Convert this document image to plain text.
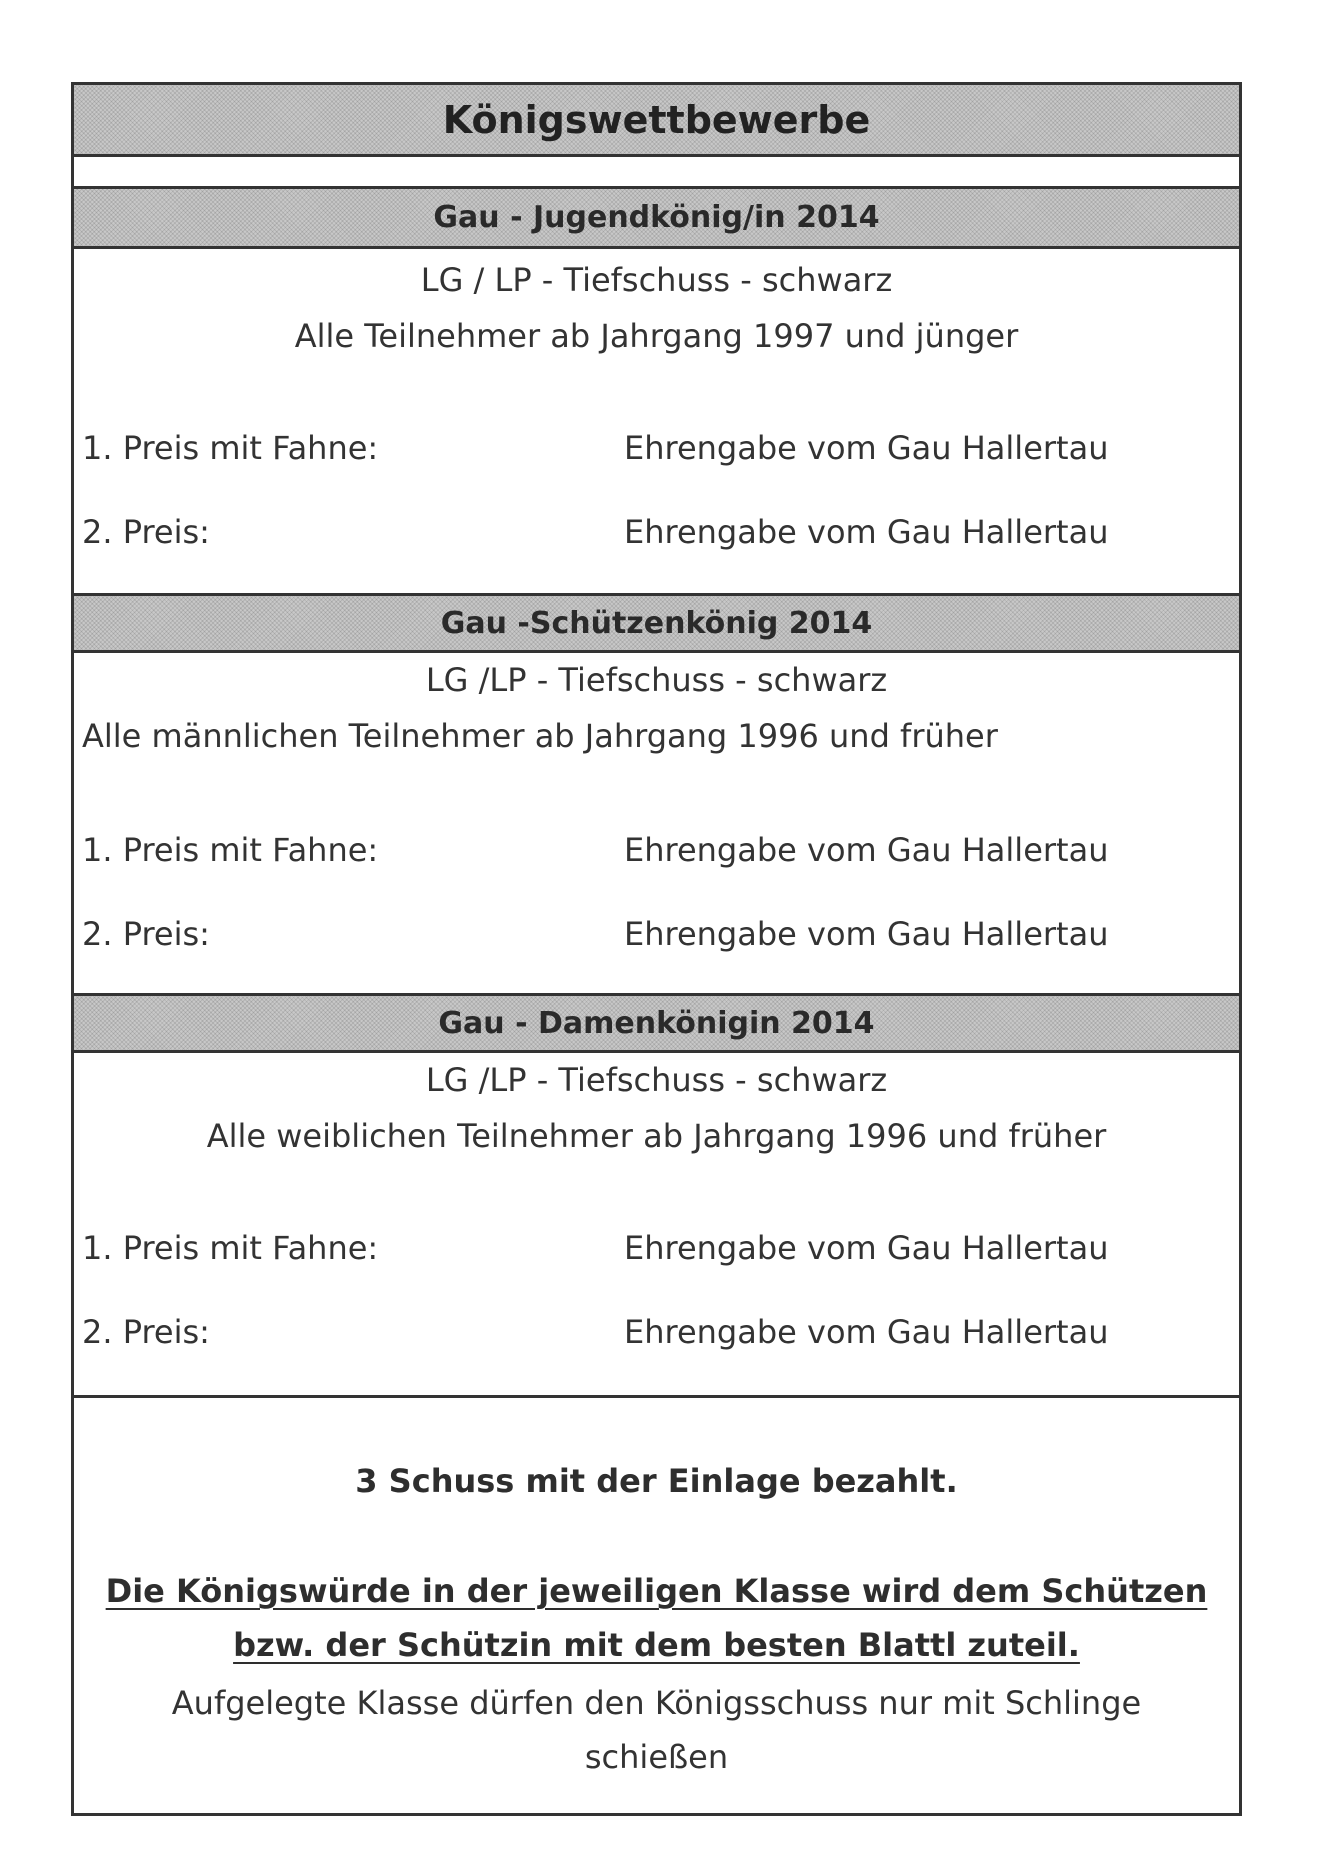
Königswettbewerbe
Gau - Jugendkönig/in 2014
LG / LP - Tiefschuss - schwarz
Alle Teilnehmer ab Jahrgang 1997 und jünger
1. Preis mit Fahne:	Ehrengabe vom Gau Hallertau
2. Preis:	Ehrengabe vom Gau Hallertau
Gau -Schützenkönig 2014
LG /LP - Tiefschuss - schwarz
Alle männlichen Teilnehmer ab Jahrgang 1996 und früher
1. Preis mit Fahne:	Ehrengabe vom Gau Hallertau
2. Preis:	Ehrengabe vom Gau Hallertau
Gau - Damenkönigin 2014
LG /LP - Tiefschuss - schwarz
Alle weiblichen Teilnehmer ab Jahrgang 1996 und früher
1. Preis mit Fahne:	Ehrengabe vom Gau Hallertau
2. Preis:	Ehrengabe vom Gau Hallertau
3 Schuss mit der Einlage bezahlt.
Die Königswürde in der jeweiligen Klasse wird dem Schützen
bzw. der Schützin mit dem besten Blattl zuteil.
Aufgelegte Klasse dürfen den Königsschuss nur mit Schlinge
schießen
